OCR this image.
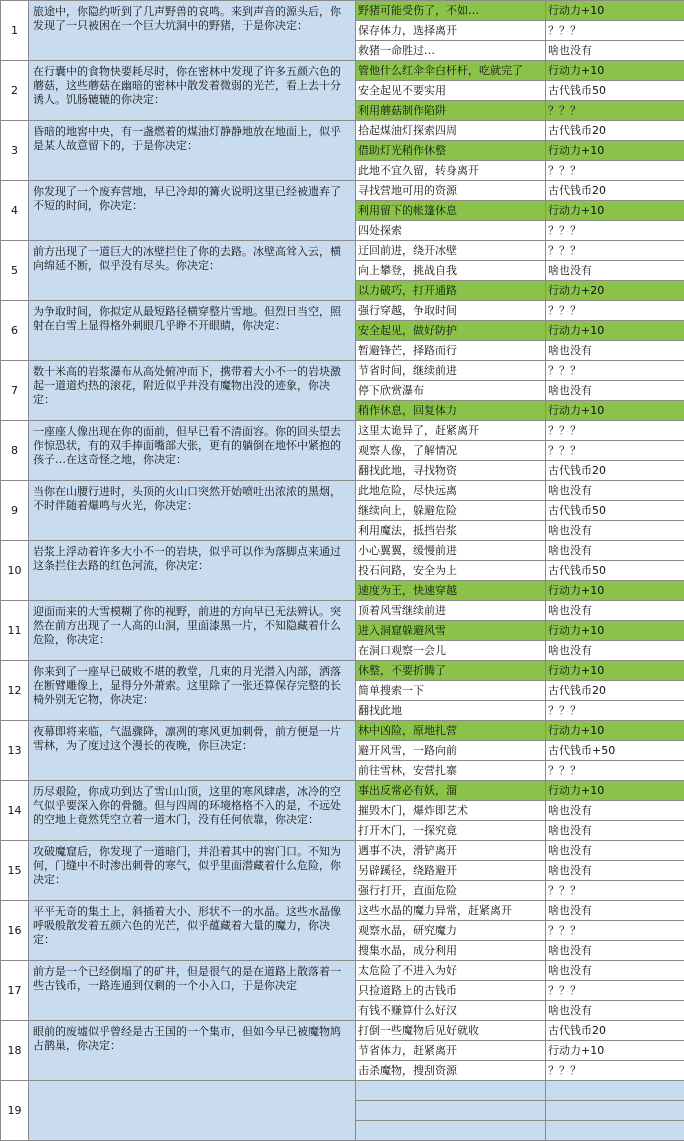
1	旅途中，你隐约听到了几声野兽的哀鸣。来到声音的源头后，你发现了一只被困在一个巨大坑洞中的野猪，于是你决定：	野猪可能受伤了，不如…	行动力+10
		保存体力，选择离开	？？？
		救猪一命胜过…	啥也没有
2	在行囊中的食物快要耗尽时，你在密林中发现了许多五颜六色的蘑菇，这些蘑菇在幽暗的密林中散发着微弱的光芒，看上去十分诱人。饥肠辘辘的你决定：	管他什么红伞伞白杆杆，吃就完了	行动力+10
		安全起见不要实用	古代钱币50
		利用蘑菇制作陷阱	？？？
3	昏暗的地窖中央，有一盏燃着的煤油灯静静地放在地面上，似乎是某人故意留下的，于是你决定：	拾起煤油灯探索四周	古代钱币20
		借助灯光稍作休整	行动力+10
		此地不宜久留，转身离开	？？？
4	你发现了一个废弃营地，早已冷却的篝火说明这里已经被遗弃了不短的时间，你决定：	寻找营地可用的资源	古代钱币20
		利用留下的帐篷休息	行动力+10
		四处探索	？？？
5	前方出现了一道巨大的冰壁拦住了你的去路。冰壁高耸入云，横向绵延不断，似乎没有尽头。你决定：	迂回前进，绕开冰壁	？？？
		向上攀登，挑战自我	啥也没有
		以力破巧，打开通路	行动力+20
6	为争取时间，你拟定从最短路径横穿整片雪地。但烈日当空，照射在白雪上显得格外刺眼几乎睁不开眼睛，你决定：	强行穿越，争取时间	？？？
		安全起见，做好防护	行动力+10
		暂避锋芒，择路而行	啥也没有
7	数十米高的岩浆瀑布从高处俯冲而下，携带着大小不一的岩块激起一道道灼热的滚花，附近似乎并没有魔物出没的迹象，你决定：	节省时间，继续前进	？？？
		停下欣赏瀑布	啥也没有
		稍作休息，回复体力	行动力+10
8	一座座人像出现在你的面前，但早已看不清面容。你的回头望去作惊恐状，有的双手捧面嘴部大张，更有的躺倒在地怀中紧抱的孩子…在这奇怪之地，你决定：	这里太诡异了，赶紧离开	？？？
		观察人像，了解情况	？？？
		翻找此地，寻找物资	古代钱币20
9	当你在山腰行进时，头顶的火山口突然开始喷吐出浓浓的黑烟，不时伴随着爆鸣与火光，你决定：	此地危险，尽快远离	啥也没有
		继续向上，躲避危险	古代钱币50
		利用魔法，抵挡岩浆	啥也没有
10	岩浆上浮动着许多大小不一的岩块，似乎可以作为落脚点来通过这条拦住去路的红色河流，你决定：	小心翼翼，缓慢前进	啥也没有
		投石问路，安全为上	古代钱币50
		速度为王，快速穿越	行动力+10
11	迎面而来的大雪模糊了你的视野，前进的方向早已无法辨认。突然在前方出现了一人高的山洞，里面漆黑一片，不知隐藏着什么危险，你决定：	顶着风雪继续前进	啥也没有
		进入洞窟躲避风雪	行动力+10
		在洞口观察一会儿	啥也没有
12	你来到了一座早已破败不堪的教堂，几束的月光潜入内部，洒落在断臂雕像上，显得分外萧索。这里除了一张还算保存完整的长椅外别无它物，你决定：	休整，不要折腾了	行动力+10
		简单搜索一下	古代钱币20
		翻找此地	？？？
13	夜幕即将来临，气温骤降，凛冽的寒风更加刺骨，前方便是一片雪林，为了度过这个漫长的夜晚，你巨决定：	林中凶险，原地扎营	行动力+10
		避开风雪，一路向前	古代钱币+50
		前往雪林，安营扎寨	？？？
14	历尽艰险，你成功到达了雪山山顶，这里的寒风肆虐，冰冷的空气似乎要深入你的骨髓。但与四周的环境格格不入的是，不远处的空地上竟然凭空立着一道木门，没有任何依靠，你决定：	事出反常必有妖，溜	行动力+10
		摧毁木门，爆炸即艺术	啥也没有
		打开木门，一探究竟	啥也没有
15	攻破魔窟后，你发现了一道暗门，并沿着其中的窖门口。不知为何，门缝中不时渗出刺骨的寒气，似乎里面潜藏着什么危险，你决定：	遇事不决，滑铲离开	啥也没有
		另辟蹊径，绕路避开	啥也没有
		强行打开，直面危险	？？？
16	平平无奇的集土上，斜插着大小、形状不一的水晶。这些水晶像呼吸般散发着五颜六色的光芒，似乎蕴藏着大量的魔力，你决定：	这些水晶的魔力异常，赶紧离开	啥也没有
		观察水晶，研究魔力	？？？
		搜集水晶，成分利用	啥也没有
17	前方是一个已经倒塌了的矿井，但是很气的是在道路上散落着一些古钱币，一路连通到仅剩的一个小入口，于是你决定	太危险了不进入为好	啥也没有
		只捡道路上的古钱币	？？？
		有钱不赚算什么好汉	啥也没有
18	眼前的废墟似乎曾经是古王国的一个集市，但如今早已被魔物鸠占鹊巢，你决定：	打倒一些魔物后见好就收	古代钱币20
		节省体力，赶紧离开	行动力+10
		击杀魔物，搜刮资源	？？？
19			
